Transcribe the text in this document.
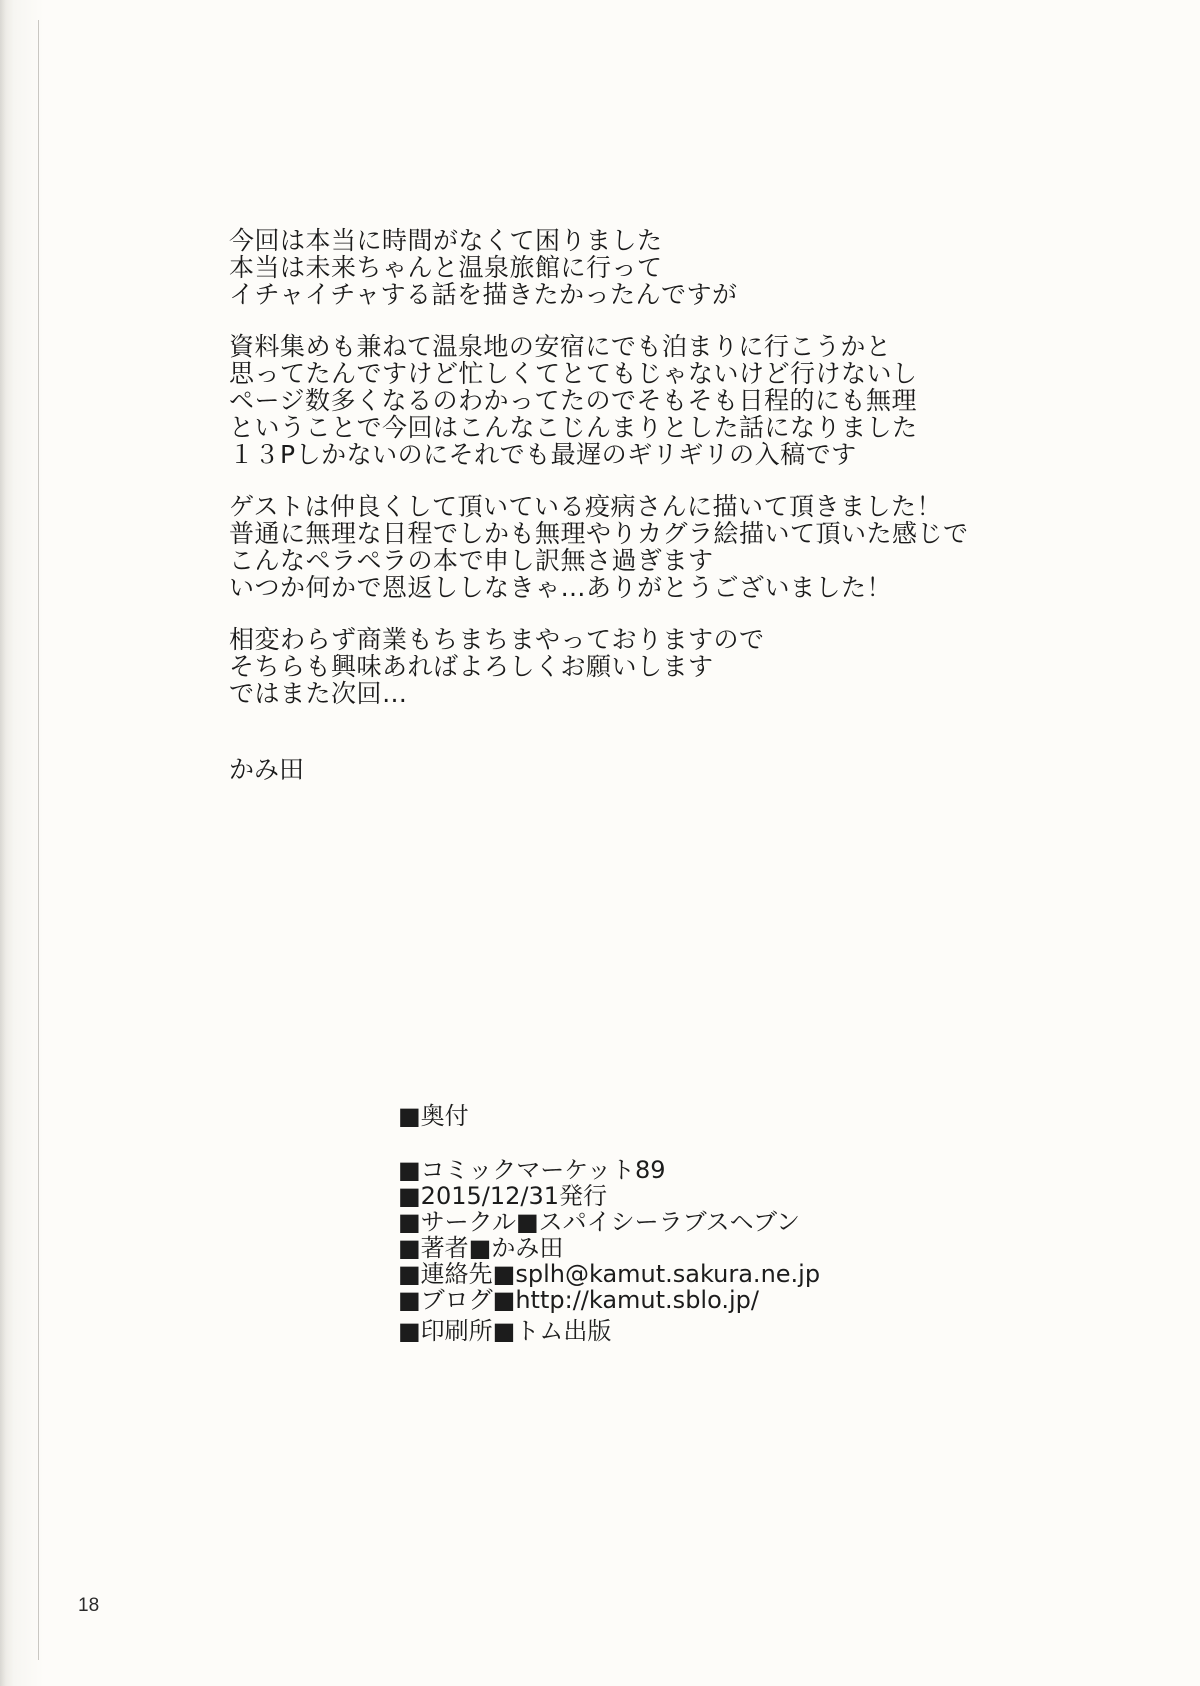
今回は本当に時間がなくて困りました
本当は未来ちゃんと温泉旅館に行って
イチャイチャする話を描きたかったんですが
資料集めも兼ねて温泉地の安宿にでも泊まりに行こうかと
思ってたんですけど忙しくてとてもじゃないけど行けないし
ページ数多くなるのわかってたのでそもそも日程的にも無理
ということで今回はこんなこじんまりとした話になりました
１３Pしかないのにそれでも最遅のギリギリの入稿です
ゲストは仲良くして頂いている疫病さんに描いて頂きました！
普通に無理な日程でしかも無理やりカグラ絵描いて頂いた感じで
こんなペラペラの本で申し訳無さ過ぎます
いつか何かで恩返ししなきゃ…ありがとうございました！
相変わらず商業もちまちまやっておりますので
そちらも興味あればよろしくお願いします
ではまた次回…
かみ田
■奥付
■コミックマーケット89
■2015/12/31発行
■サークル■スパイシーラブスヘブン
■著者■かみ田
■連絡先■splh@kamut.sakura.ne.jp
■ブログ■http://kamut.sblo.jp/
■印刷所■トム出版
18
